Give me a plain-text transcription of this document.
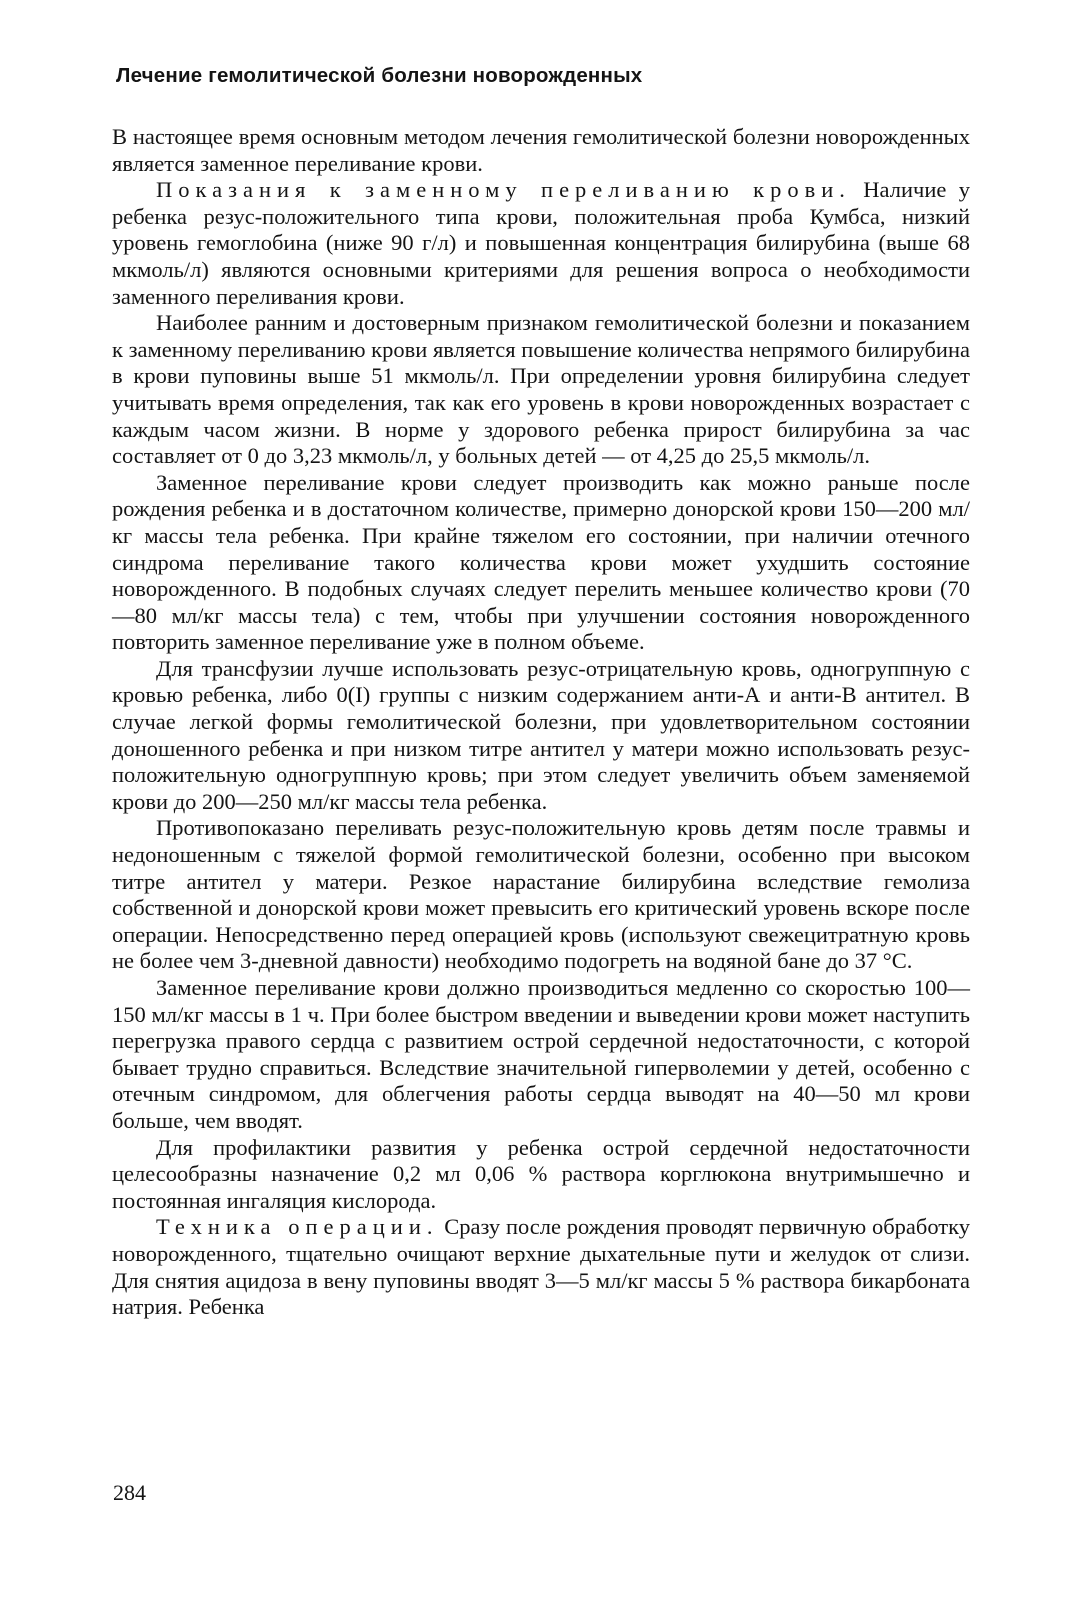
Лечение гемолитической болезни новорожденных

В настоящее время основным методом лечения гемолитической болезни новорожденных является заменное переливание крови.

Показания к заменному переливанию крови. Наличие у ребенка резус-положительного типа крови, положительная проба Кумбса, низкий уровень гемоглобина (ниже 90 г/л) и повышенная концентрация билирубина (выше 68 мкмоль/л) являются основными критериями для решения вопроса о необходимости заменного переливания крови.

Наиболее ранним и достоверным признаком гемолитической болезни и показанием к заменному переливанию крови является повышение количества непрямого билирубина в крови пуповины выше 51 мкмоль/л. При определении уровня билирубина следует учитывать время определения, так как его уровень в крови новорожденных возрастает с каждым часом жизни. В норме у здорового ребенка прирост билирубина за час составляет от 0 до 3,23 мкмоль/л, у больных детей — от 4,25 до 25,5 мкмоль/л.

Заменное переливание крови следует производить как можно раньше после рождения ребенка и в достаточном количестве, примерно донорской крови 150—200 мл/кг массы тела ребенка. При крайне тяжелом его состоянии, при наличии отечного синдрома переливание такого количества крови может ухудшить состояние новорожденного. В подобных случаях следует перелить меньшее количество крови (70—80 мл/кг массы тела) с тем, чтобы при улучшении состояния новорожденного повторить заменное переливание уже в полном объеме.

Для трансфузии лучше использовать резус-отрицательную кровь, одногруппную с кровью ребенка, либо 0(I) группы с низким содержанием анти-А и анти-В антител. В случае легкой формы гемолитической болезни, при удовлетворительном состоянии доношенного ребенка и при низком титре антител у матери можно использовать резус-положительную одногруппную кровь; при этом следует увеличить объем заменяемой крови до 200—250 мл/кг массы тела ребенка.

Противопоказано переливать резус-положительную кровь детям после травмы и недоношенным с тяжелой формой гемолитической болезни, особенно при высоком титре антител у матери. Резкое нарастание билирубина вследствие гемолиза собственной и донорской крови может превысить его критический уровень вскоре после операции. Непосредственно перед операцией кровь (используют свежецитратную кровь не более чем 3-дневной давности) необходимо подогреть на водяной бане до 37 °С.

Заменное переливание крови должно производиться медленно со скоростью 100—150 мл/кг массы в 1 ч. При более быстром введении и выведении крови может наступить перегрузка правого сердца с развитием острой сердечной недостаточности, с которой бывает трудно справиться. Вследствие значительной гиперволемии у детей, особенно с отечным синдромом, для облегчения работы сердца выводят на 40—50 мл крови больше, чем вводят.

Для профилактики развития у ребенка острой сердечной недостаточности целесообразны назначение 0,2 мл 0,06 % раствора корглюкона внутримышечно и постоянная ингаляция кислорода.

Техника операции. Сразу после рождения проводят первичную обработку новорожденного, тщательно очищают верхние дыхательные пути и желудок от слизи. Для снятия ацидоза в вену пуповины вводят 3—5 мл/кг массы 5 % раствора бикарбоната натрия. Ребенка

284
